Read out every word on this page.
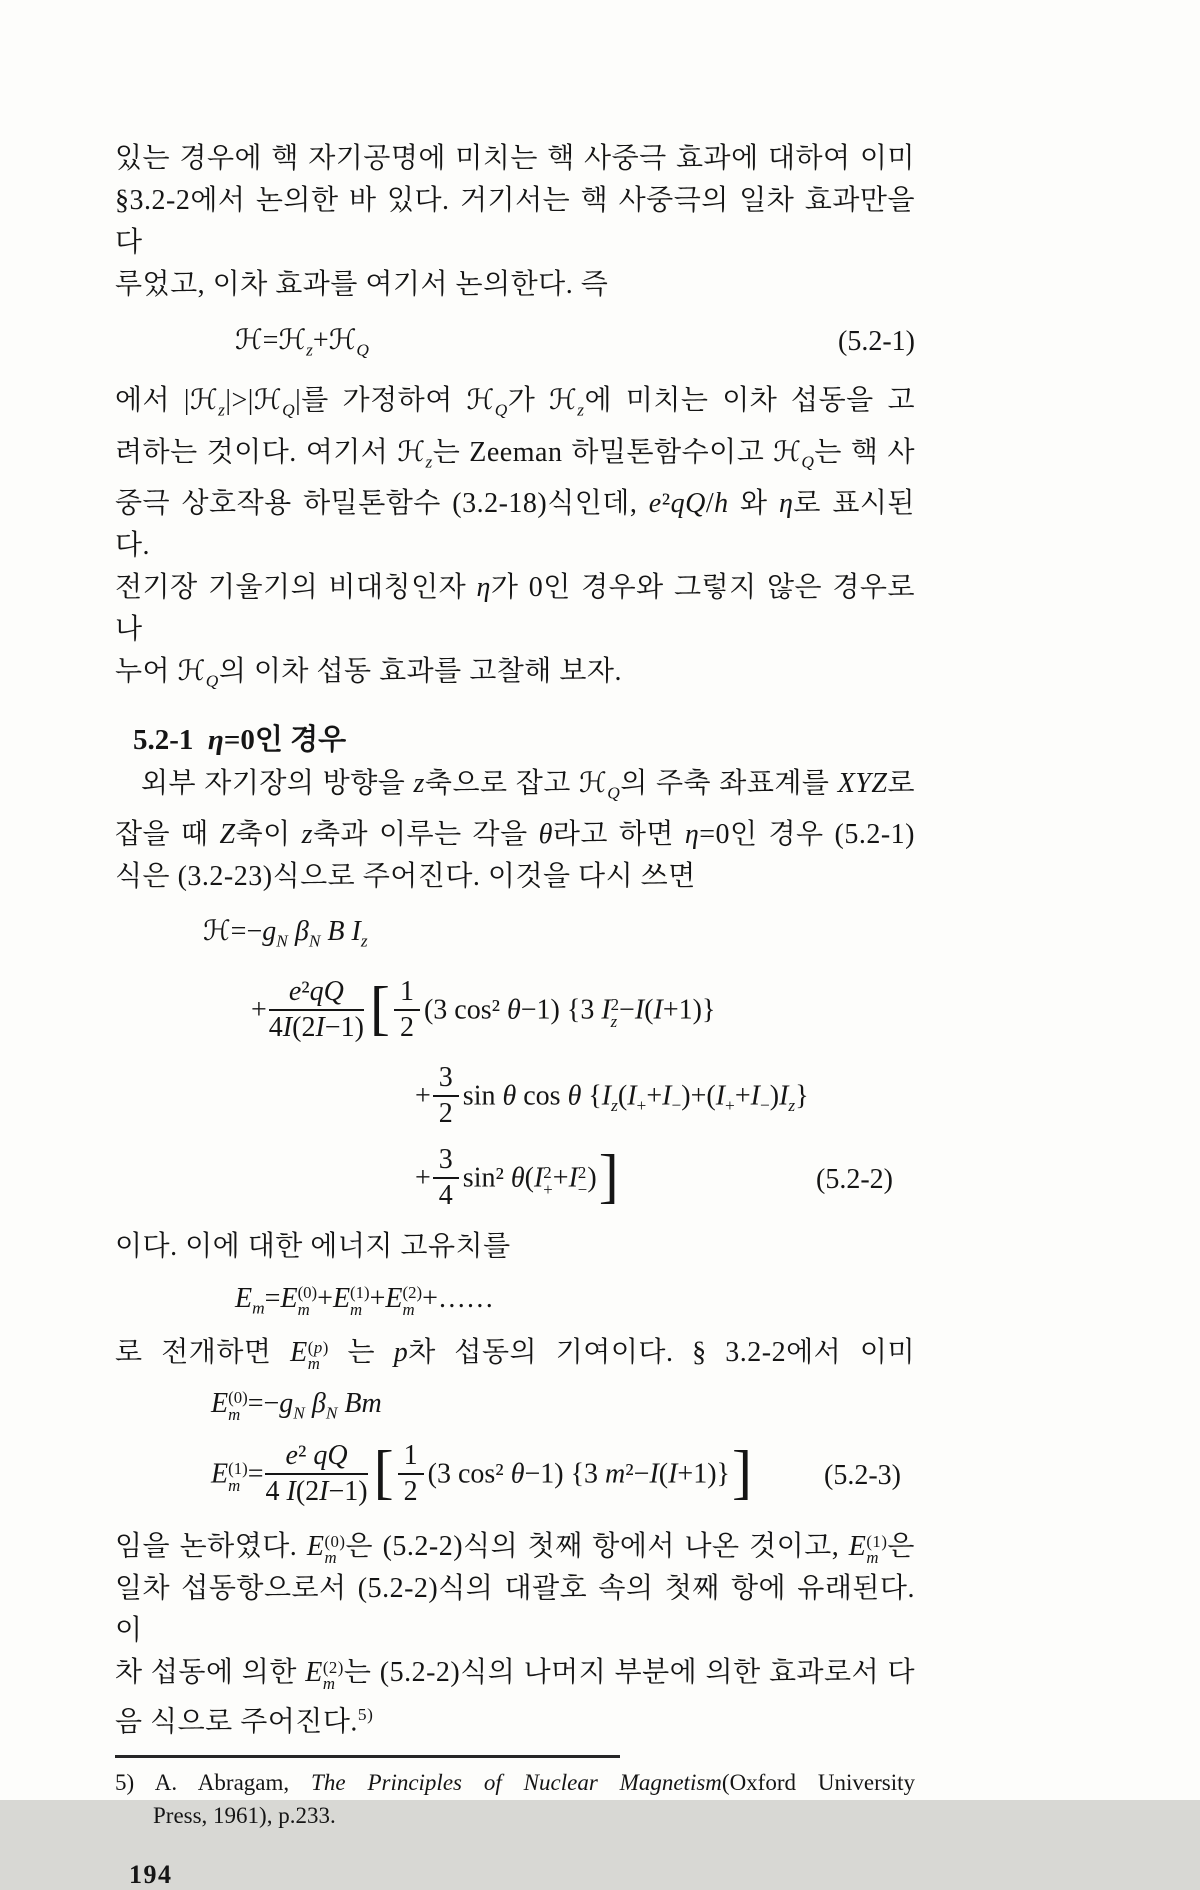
있는 경우에 핵 자기공명에 미치는 핵 사중극 효과에 대하여 이미
§3.2-2에서 논의한 바 있다. 거기서는 핵 사중극의 일차 효과만을 다
루었고, 이차 효과를 여기서 논의한다. 즉
ℋ=ℋ$_z$+ℋ$_Q$	(5.2-1)
에서 |ℋ$_z$|>|ℋ$_Q$|를 가정하여 ℋ$_Q$가 ℋ$_z$에 미치는 이차 섭동을 고
려하는 것이다. 여기서 ℋ$_z$는 Zeeman 하밀톤함수이고 ℋ$_Q$는 핵 사
중극 상호작용 하밀톤함수 (3.2-18)식인데, e²qQ/h 와 η로 표시된다.
전기장 기울기의 비대칭인자 η가 0인 경우와 그렇지 않은 경우로 나
누어 ℋ$_Q$의 이차 섭동 효과를 고찰해 보자.
5.2-1  η=0인 경우
외부 자기장의 방향을 z축으로 잡고 ℋ$_Q$의 주축 좌표계를 XYZ로
잡을 때 Z축이 z축과 이루는 각을 θ라고 하면 η=0인 경우 (5.2-1)
식은 (3.2-23)식으로 주어진다. 이것을 다시 쓰면
$ℋ=-g_N$ $\beta_N$ B $I_z$
+ $\frac{\text{e²qQ}}{4I(2I-1)}$ [ $\frac{1}{2} (3$ cos² θ−1) {3 I 2
z −I(I+1)}
+ $\frac{3}{2}$ sin θ cos θ $\{I_z(I_++I_-)+(I_++I_-)I_z\}$
+ $\frac{3}{4} \sin^2$ θ(I 2
+ +I 2
− )]	(5.2-2)
이다. 이에 대한 에너지 고유치를
$E_m=E$ (0)
m +E (1)
m +E (2)
m +……
로 전개하면 E (p)
m 는 p차 섭동의 기여이다. § 3.2-2에서 이미
E (0)
$m =-g_N$ $\beta_N$ Bm
E (1)
$m = \frac{\text{e² qQ}}{4 I(2I-1)}$ [ $\frac{1}{2} (3$ cos² θ−1) {3 m²−I(I+1)}]	(5.2-3)
임을 논하였다. E (0)
m 은 (5.2-2)식의 첫째 항에서 나온 것이고, E (1)
m 은
일차 섭동항으로서 (5.2-2)식의 대괄호 속의 첫째 항에 유래된다. 이
차 섭동에 의한 E (2)
m 는 (5.2-2)식의 나머지 부분에 의한 효과로서 다
음 식으로 주어진다.$^{5)}$
5) A. Abragam, The Principles of Nuclear Magnetism(Oxford University
Press, 1961), p.233.
194
